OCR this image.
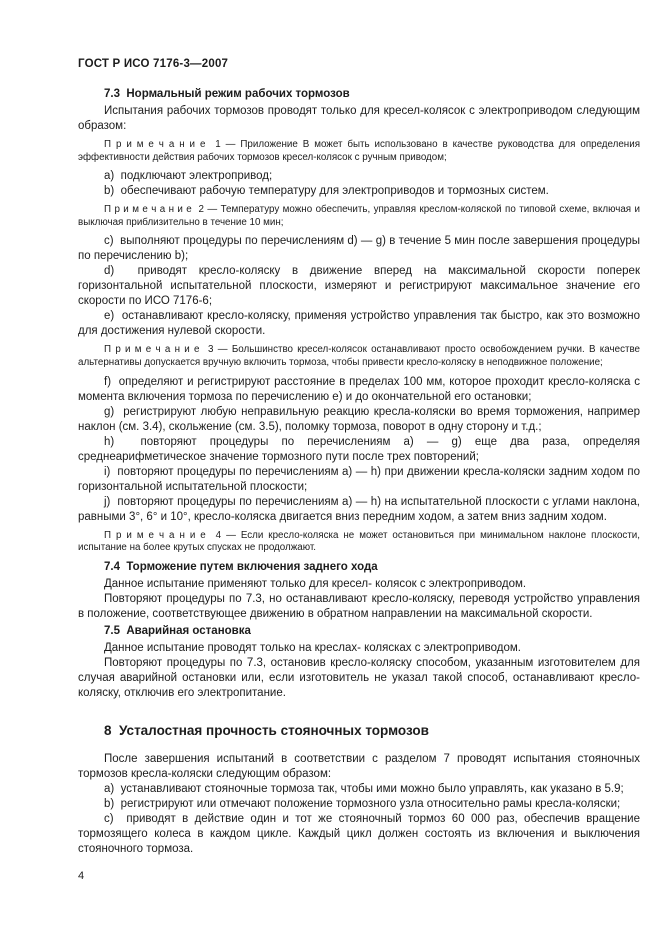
ГОСТ Р ИСО 7176-3—2007
7.3  Нормальный режим рабочих тормозов
Испытания рабочих тормозов проводят только для кресел-колясок с электроприводом следующим образом:
П р и м е ч а н и е  1 — Приложение В может быть использовано в качестве руководства для определения эффективности действия рабочих тормозов кресел-колясок с ручным приводом;
a)  подключают электропривод;
b)  обеспечивают рабочую температуру для электроприводов и тормозных систем.
П р и м е ч а н и е  2 — Температуру можно обеспечить, управляя креслом-коляской по типовой схеме, включая и выключая приблизительно в течение 10 мин;
c)  выполняют процедуры по перечислениям d) — g) в течение 5 мин после завершения процедуры по перечислению b);
d)  приводят кресло-коляску в движение вперед на максимальной скорости поперек горизонтальной испытательной плоскости, измеряют и регистрируют максимальное значение его скорости по ИСО 7176-6;
e)  останавливают кресло-коляску, применяя устройство управления так быстро, как это возможно для достижения нулевой скорости.
П р и м е ч а н и е  3 — Большинство кресел-колясок останавливают просто освобождением ручки. В качестве альтернативы допускается вручную включить тормоза, чтобы привести кресло-коляску в неподвижное положение;
f)  определяют и регистрируют расстояние в пределах 100 мм, которое проходит кресло-коляска с момента включения тормоза по перечислению e) и до окончательной его остановки;
g)  регистрируют любую неправильную реакцию кресла-коляски во время торможения, например наклон (см. 3.4), скольжение (см. 3.5), поломку тормоза, поворот в одну сторону и т.д.;
h)  повторяют процедуры по перечислениям a) — g) еще два раза, определяя среднеарифметическое значение тормозного пути после трех повторений;
i)  повторяют процедуры по перечислениям a) — h) при движении кресла-коляски задним ходом по горизонтальной испытательной плоскости;
j)  повторяют процедуры по перечислениям a) — h) на испытательной плоскости с углами наклона, равными 3°, 6° и 10°, кресло-коляска двигается вниз передним ходом, а затем вниз задним ходом.
П р и м е ч а н и е  4 — Если кресло-коляска не может остановиться при минимальном наклоне плоскости, испытание на более крутых спусках не продолжают.
7.4  Торможение путем включения заднего хода
Данное испытание применяют только для кресел- колясок с электроприводом.
Повторяют процедуры по 7.3, но останавливают кресло-коляску, переводя устройство управления в положение, соответствующее движению в обратном направлении на максимальной скорости.
7.5  Аварийная остановка
Данное испытание проводят только на креслах- колясках с электроприводом.
Повторяют процедуры по 7.3, остановив кресло-коляску способом, указанным изготовителем для случая аварийной остановки или, если изготовитель не указал такой способ, останавливают кресло-коляску, отключив его электропитание.
8  Усталостная прочность стояночных тормозов
После завершения испытаний в соответствии с разделом 7 проводят испытания стояночных тормозов кресла-коляски следующим образом:
a)  устанавливают стояночные тормоза так, чтобы ими можно было управлять, как указано в 5.9;
b)  регистрируют или отмечают положение тормозного узла относительно рамы кресла-коляски;
c)  приводят в действие один и тот же стояночный тормоз 60 000 раз, обеспечив вращение тормозящего колеса в каждом цикле. Каждый цикл должен состоять из включения и выключения стояночного тормоза.
4
